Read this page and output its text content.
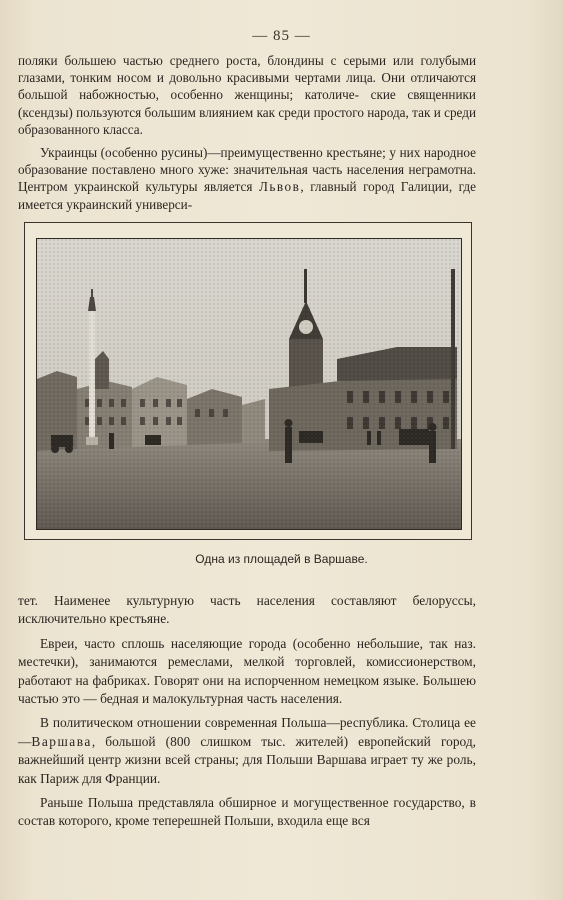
— 85 —

поляки большею частью среднего роста, блондины с серыми или голубыми глазами, тонким носом и довольно красивыми чертами лица. Они отличаются большой набожностью, особенно женщины; католиче- ские священники (ксендзы) пользуются большим влиянием как среди простого народа, так и среди образованного класса.

Украинцы (особенно русины)—преимущественно крестьяне; у них народное образование поставлено много хуже: значительная часть населения неграмотна. Центром украинской культуры является Львов, главный город Галиции, где имеется украинский универси-

Одна из площадей в Варшаве.

тет. Наименее культурную часть населения составляют белоруссы, исключительно крестьяне.

Евреи, часто сплошь населяющие города (особенно небольшие, так наз. местечки), занимаются ремеслами, мелкой торговлей, комиссионерством, работают на фабриках. Говорят они на испорченном немецком языке. Большею частью это — бедная и малокультурная часть населения.

В политическом отношении современная Польша—республика. Столица ее—Варшава, большой (800 слишком тыс. жителей) европейский город, важнейший центр жизни всей страны; для Польши Варшава играет ту же роль, как Париж для Франции.

Раньше Польша представляла обширное и могущественное государство, в состав которого, кроме теперешней Польши, входила еще вся
